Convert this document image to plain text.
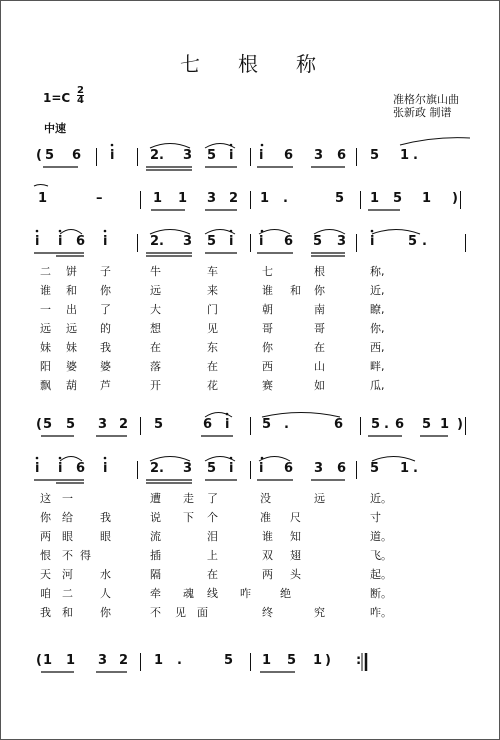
七 根 称
准格尔旗山曲
张新政 制谱
1=C
2
4
中速
( 5 6 i	2. 3 5 i i 6 3 6 5 1 .
1	–	1 1 3 2 1 .	5 1 5 1 )
i i 6 i	2. 3 5 i i 6 5 3 i	5 .
( 5 5 3 2 5	6 i	5 .	6 5 . 6 5 1 )
i i 6 i	2. 3 5 i i 6 3 6 5 1 .
( 1 1 3 2 1 .	5 1 5 1 ) :
二 饼 子	牛	车	七	根	称,
谁 和 你	远	来	谁 和 你	近,
一 出 了	大	门	朝	南	瞭,
远 远 的	想	见	哥	哥	你,
妹 妹 我	在	东	你	在	西,
阳 婆 婆	落	在	西	山	畔,
飘 葫 芦	开	花	赛	如	瓜,
这 一	遭 走 了	没	远	近。
你 给 我	说 下 个	准 尺	寸
两 眼 眼	流	泪	谁 知	道。
恨 不 得	插	上	双 翅	飞。
天 河 水	隔	在	两 头	起。
咱 二 人	牵 魂 线 咋	绝	断。
我 和 你	不 见 面	终	究	咋。
